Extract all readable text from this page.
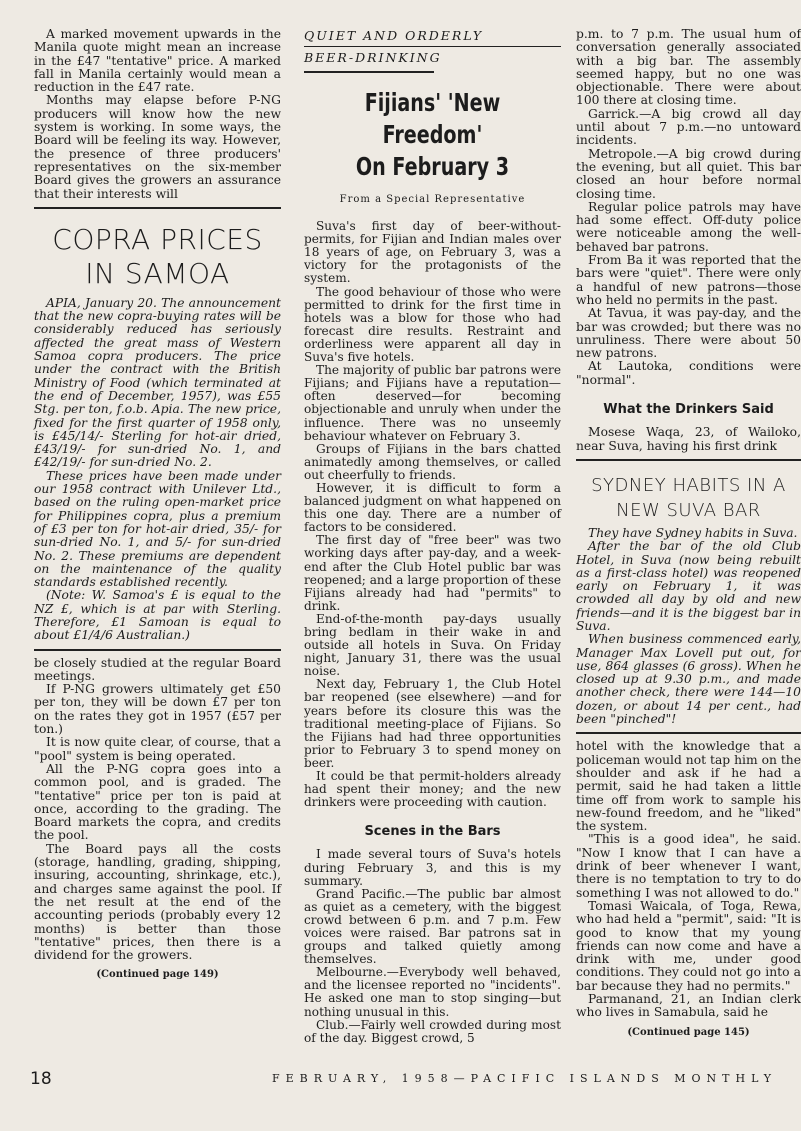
A marked movement upwards in the Manila quote might mean an increase in the £47 "tentative" price. A marked fall in Manila certainly would mean a reduction in the £47 rate.

Months may elapse before P-NG producers will know how the new system is working. In some ways, the Board will be feeling its way. However, the presence of three producers' representatives on the six-member Board gives the growers an assurance that their interests will

COPRA PRICES IN SAMOA

APIA, January 20. The announcement that the new copra-buying rates will be considerably reduced has seriously affected the great mass of Western Samoa copra producers. The price under the contract with the British Ministry of Food (which terminated at the end of December, 1957), was £55 Stg. per ton, f.o.b. Apia. The new price, fixed for the first quarter of 1958 only, is £45/14/- Sterling for hot-air dried, £43/19/- for sun-dried No. 1, and £42/19/- for sun-dried No. 2.

These prices have been made under our 1958 contract with Unilever Ltd., based on the ruling open-market price for Philippines copra, plus a premium of £3 per ton for hot-air dried, 35/- for sun-dried No. 1, and 5/- for sun-dried No. 2. These premiums are dependent on the maintenance of the quality standards established recently.

(Note: W. Samoa's £ is equal to the NZ £, which is at par with Sterling. Therefore, £1 Samoan is equal to about £1/4/6 Australian.)

be closely studied at the regular Board meetings.

If P-NG growers ultimately get £50 per ton, they will be down £7 per ton on the rates they got in 1957 (£57 per ton.)

It is now quite clear, of course, that a "pool" system is being operated.

All the P-NG copra goes into a common pool, and is graded. The "tentative" price per ton is paid at once, according to the grading. The Board markets the copra, and credits the pool.

The Board pays all the costs (storage, handling, grading, shipping, insuring, accounting, shrinkage, etc.), and charges same against the pool. If the net result at the end of the accounting periods (probably every 12 months) is better than those "tentative" prices, then there is a dividend for the growers.

(Continued page 149)
QUIET AND ORDERLY
BEER-DRINKING
Fijians' 'New Freedom'
On February 3
From a Special Representative

Suva's first day of beer-without-permits, for Fijian and Indian males over 18 years of age, on February 3, was a victory for the protagonists of the system.

The good behaviour of those who were permitted to drink for the first time in hotels was a blow for those who had forecast dire results. Restraint and orderliness were apparent all day in Suva's five hotels.

The majority of public bar patrons were Fijians; and Fijians have a reputation—often deserved—for becoming objectionable and unruly when under the influence. There was no unseemly behaviour whatever on February 3.

Groups of Fijians in the bars chatted animatedly among themselves, or called out cheerfully to friends.

However, it is difficult to form a balanced judgment on what happened on this one day. There are a number of factors to be considered.

The first day of "free beer" was two working days after pay-day, and a week-end after the Club Hotel public bar was reopened; and a large proportion of these Fijians already had had "permits" to drink.

End-of-the-month pay-days usually bring bedlam in their wake in and outside all hotels in Suva. On Friday night, January 31, there was the usual noise.

Next day, February 1, the Club Hotel bar reopened (see elsewhere) —and for years before its closure this was the traditional meeting-place of Fijians. So the Fijians had had three opportunities prior to February 3 to spend money on beer.

It could be that permit-holders already had spent their money; and the new drinkers were proceeding with caution.

Scenes in the Bars

I made several tours of Suva's hotels during February 3, and this is my summary.

Grand Pacific.—The public bar almost as quiet as a cemetery, with the biggest crowd between 6 p.m. and 7 p.m. Few voices were raised. Bar patrons sat in groups and talked quietly among themselves.

Melbourne.—Everybody well behaved, and the licensee reported no "incidents". He asked one man to stop singing—but nothing unusual in this.

Club.—Fairly well crowded during most of the day. Biggest crowd, 5

p.m. to 7 p.m. The usual hum of conversation generally associated with a big bar. The assembly seemed happy, but no one was objectionable. There were about 100 there at closing time.

Garrick.—A big crowd all day until about 7 p.m.—no untoward incidents.

Metropole.—A big crowd during the evening, but all quiet. This bar closed an hour before normal closing time.

Regular police patrols may have had some effect. Off-duty police were noticeable among the well-behaved bar patrons.

From Ba it was reported that the bars were "quiet". There were only a handful of new patrons—those who held no permits in the past.

At Tavua, it was pay-day, and the bar was crowded; but there was no unruliness. There were about 50 new patrons.

At Lautoka, conditions were "normal".

What the Drinkers Said

Mosese Waqa, 23, of Wailoko, near Suva, having his first drink

SYDNEY HABITS IN A NEW SUVA BAR

They have Sydney habits in Suva.

After the bar of the old Club Hotel, in Suva (now being rebuilt as a first-class hotel) was reopened early on February 1, it was crowded all day by old and new friends—and it is the biggest bar in Suva.

When business commenced early, Manager Max Lovell put out, for use, 864 glasses (6 gross). When he closed up at 9.30 p.m., and made another check, there were 144—10 dozen, or about 14 per cent., had been "pinched"!

hotel with the knowledge that a policeman would not tap him on the shoulder and ask if he had a permit, said he had taken a little time off from work to sample his new-found freedom, and he "liked" the system.

"This is a good idea", he said. "Now I know that I can have a drink of beer whenever I want, there is no temptation to try to do something I was not allowed to do."

Tomasi Waicala, of Toga, Rewa, who had held a "permit", said: "It is good to know that my young friends can now come and have a drink with me, under good conditions. They could not go into a bar because they had no permits."

Parmanand, 21, an Indian clerk who lives in Samabula, said he

(Continued page 145)
18	FEBRUARY, 1958—PACIFIC ISLANDS MONTHLY
